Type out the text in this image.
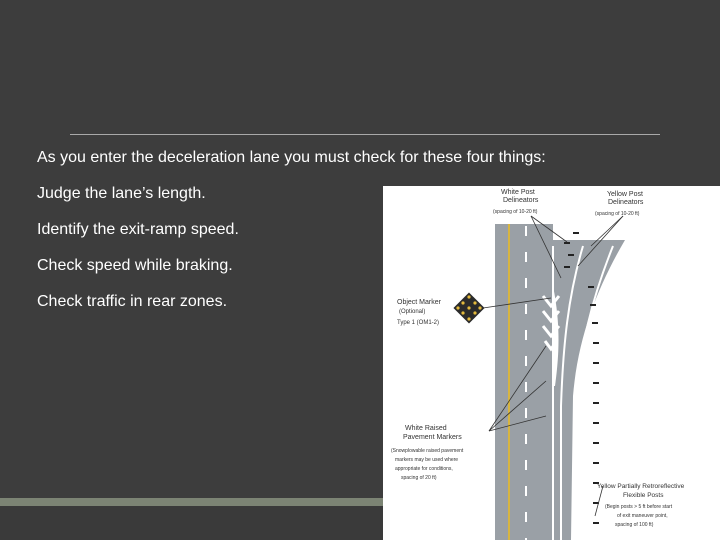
As you enter the deceleration lane you must check for these four things:
Judge the lane’s length.
Identify the exit-ramp speed.
Check speed while braking.
Check traffic in rear zones.
White Post
Delineators
(spacing of 10-20 ft)
Yellow Post
Delineators
(spacing of 10-20 ft)
Object Marker
(Optional)
Type 1 (OM1-2)
White Raised
Pavement Markers
(Snowplowable raised pavement
markers may be used where
appropriate for conditions,
spacing of 20 ft)
Yellow Partially Retroreflective
Flexible Posts
(Begin posts > 5 ft before start
of exit maneuver point,
spacing of 100 ft)
